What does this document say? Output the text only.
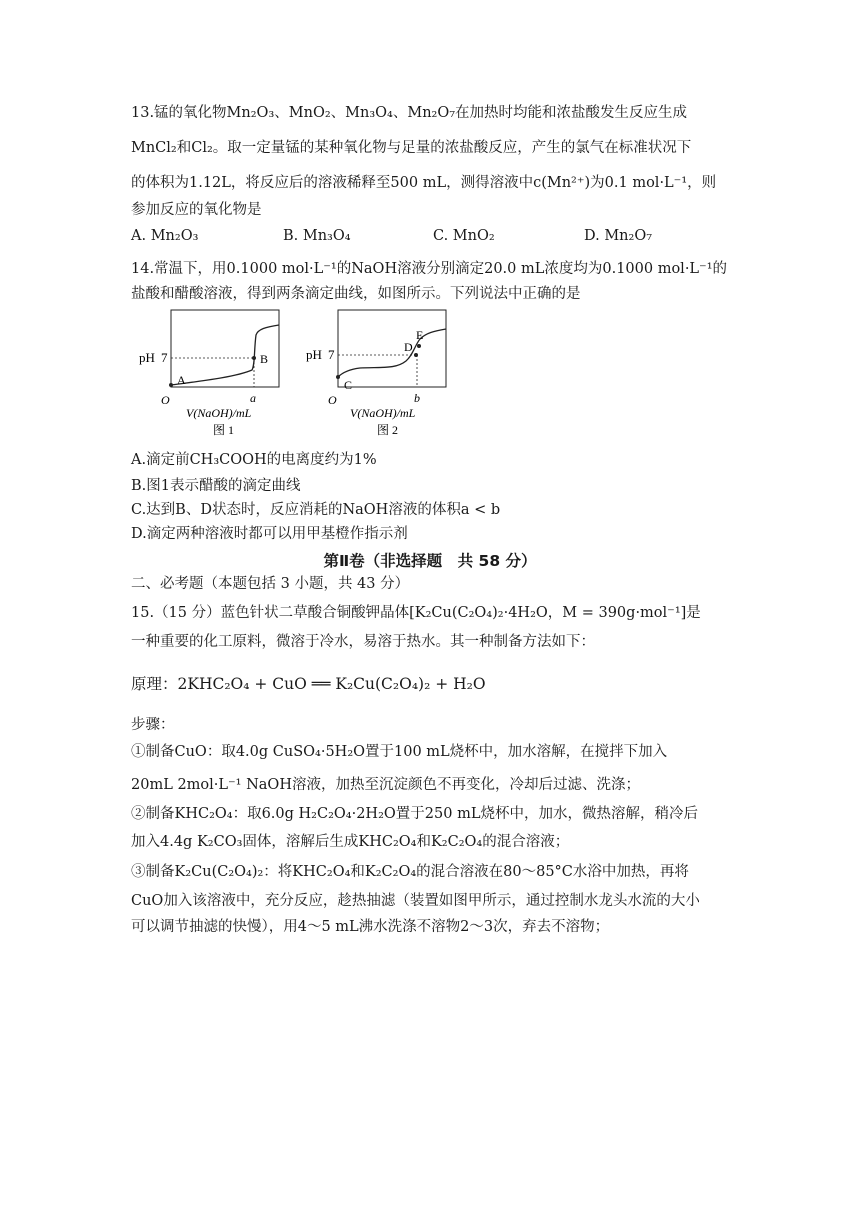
13.锰的氧化物Mn₂O₃、MnO₂、Mn₃O₄、Mn₂O₇在加热时均能和浓盐酸发生反应生成
MnCl₂和Cl₂。取一定量锰的某种氧化物与足量的浓盐酸反应，产生的氯气在标准状况下
的体积为1.12L，将反应后的溶液稀释至500 mL，测得溶液中c(Mn²⁺)为0.1 mol·L⁻¹，则
参加反应的氧化物是
A. Mn₂O₃	B. Mn₃O₄	C. MnO₂	D. Mn₂O₇
14.常温下，用0.1000 mol·L⁻¹的NaOH溶液分别滴定20.0 mL浓度均为0.1000 mol·L⁻¹的
盐酸和醋酸溶液，得到两条滴定曲线，如图所示。下列说法中正确的是
pH 7
A
B
O	a
V(NaOH)/mL
图 1
pH 7
C
D
E
O	b
V(NaOH)/mL
图 2
A.滴定前CH₃COOH的电离度约为1%
B.图1表示醋酸的滴定曲线
C.达到B、D状态时，反应消耗的NaOH溶液的体积a < b
D.滴定两种溶液时都可以用甲基橙作指示剂
第Ⅱ卷（非选择题　共 58 分）
二、必考题（本题包括 3 小题，共 43 分）
15.（15 分）蓝色针状二草酸合铜酸钾晶体[K₂Cu(C₂O₄)₂·4H₂O，M = 390g·mol⁻¹]是
一种重要的化工原料，微溶于冷水，易溶于热水。其一种制备方法如下：
原理：2KHC₂O₄ + CuO ══ K₂Cu(C₂O₄)₂ + H₂O
步骤：
①制备CuO：取4.0g CuSO₄·5H₂O置于100 mL烧杯中，加水溶解，在搅拌下加入
20mL 2mol·L⁻¹ NaOH溶液，加热至沉淀颜色不再变化，冷却后过滤、洗涤；
②制备KHC₂O₄：取6.0g H₂C₂O₄·2H₂O置于250 mL烧杯中，加水，微热溶解，稍冷后
加入4.4g K₂CO₃固体，溶解后生成KHC₂O₄和K₂C₂O₄的混合溶液；
③制备K₂Cu(C₂O₄)₂：将KHC₂O₄和K₂C₂O₄的混合溶液在80～85°C水浴中加热，再将
CuO加入该溶液中，充分反应，趁热抽滤（装置如图甲所示，通过控制水龙头水流的大小
可以调节抽滤的快慢），用4～5 mL沸水洗涤不溶物2～3次，弃去不溶物；
